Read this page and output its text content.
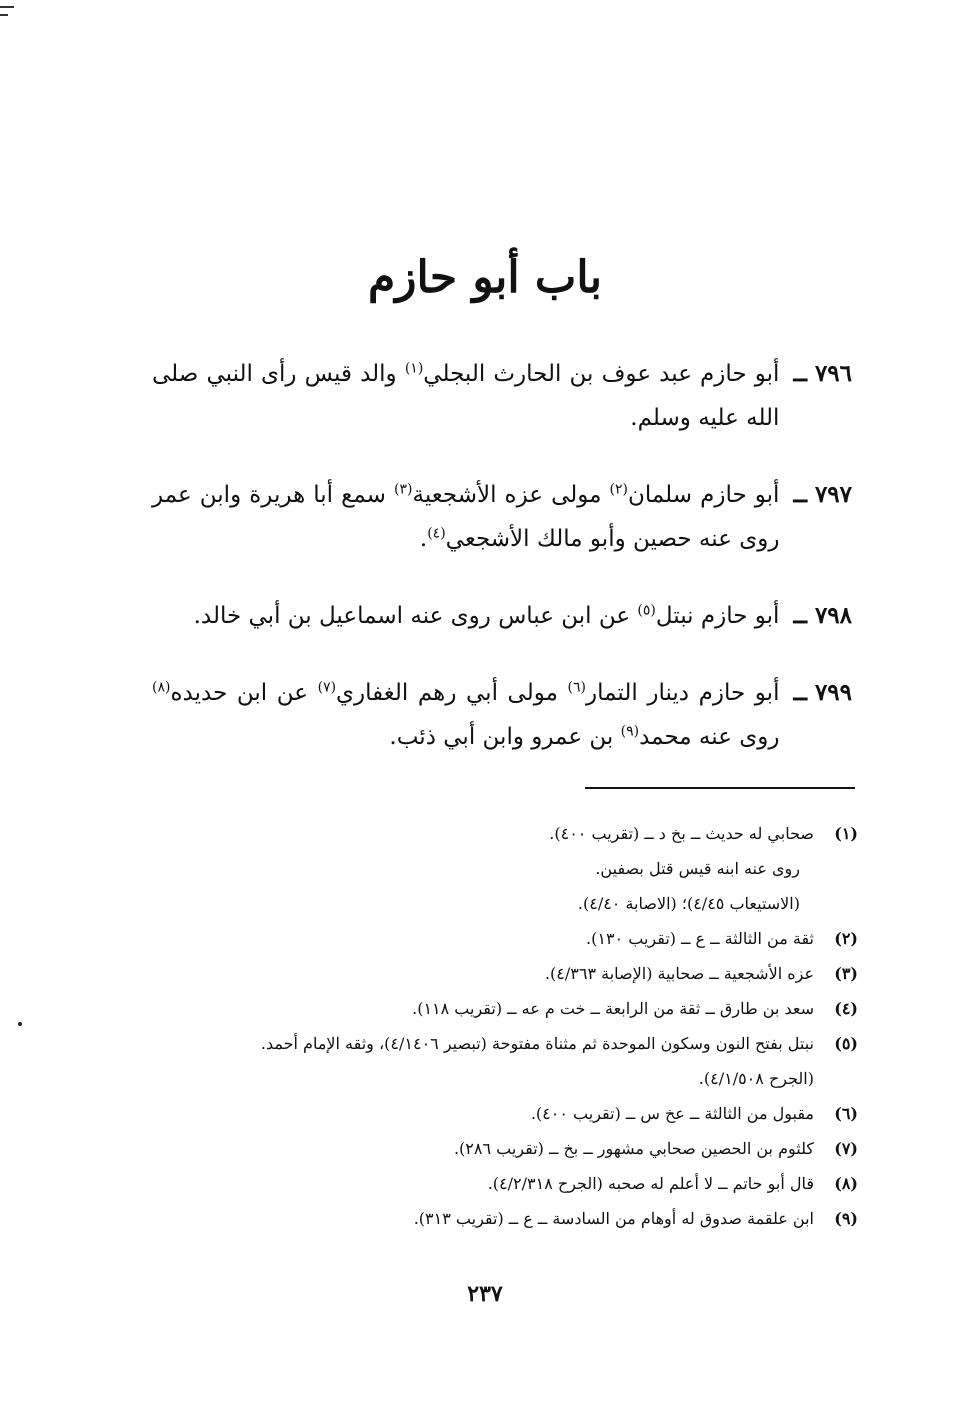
باب أبو حازم
٧٩٦ ــ
أبو حازم عبد عوف بن الحارث البجلي$^{(١)}$ والد قيس رأى النبي صلى الله عليه وسلم.
٧٩٧ ــ
أبو حازم سلمان$^{(٢)}$ مولى عزه الأشجعية$^{(٣)}$ سمع أبا هريرة وابن عمر روى عنه حصين وأبو مالك الأشجعي$^{(٤)}$.
٧٩٨ ــ
أبو حازم نبتل$^{(٥)}$ عن ابن عباس روى عنه اسماعيل بن أبي خالد.
٧٩٩ ــ
أبو حازم دينار التمار$^{(٦)}$ مولى أبي رهم الغفاري$^{(٧)}$ عن ابن حديده$^{(٨)}$ روى عنه محمد$^{(٩)}$ بن عمرو وابن أبي ذئب.
(١)
صحابي له حديث ــ بخ د ــ (تقريب ٤٠٠).
روى عنه ابنه قيس قتل بصفين.
(الاستيعاب ٤/٤٥)؛ (الاصابة ٤/٤٠).
(٢)
ثقة من الثالثة ــ ع ــ (تقريب ١٣٠).
(٣)
عزه الأشجعية ــ صحابية (الإصابة ٤/٣٦٣).
(٤)
سعد بن طارق ــ ثقة من الرابعة ــ خت م عه ــ (تقريب ١١٨).
(٥)
نبتل بفتح النون وسكون الموحدة ثم مثناة مفتوحة (تبصير ٤/١٤٠٦)، وثقه الإمام أحمد.
(الجرح ٤/١/٥٠٨).
(٦)
مقبول من الثالثة ــ عخ س ــ (تقريب ٤٠٠).
(٧)
كلثوم بن الحصين صحابي مشهور ــ بخ ــ (تقريب ٢٨٦).
(٨)
قال أبو حاتم ــ لا أعلم له صحبه (الجرح ٤/٢/٣١٨).
(٩)
ابن علقمة صدوق له أوهام من السادسة ــ ع ــ (تقريب ٣١٣).
٢٣٧
